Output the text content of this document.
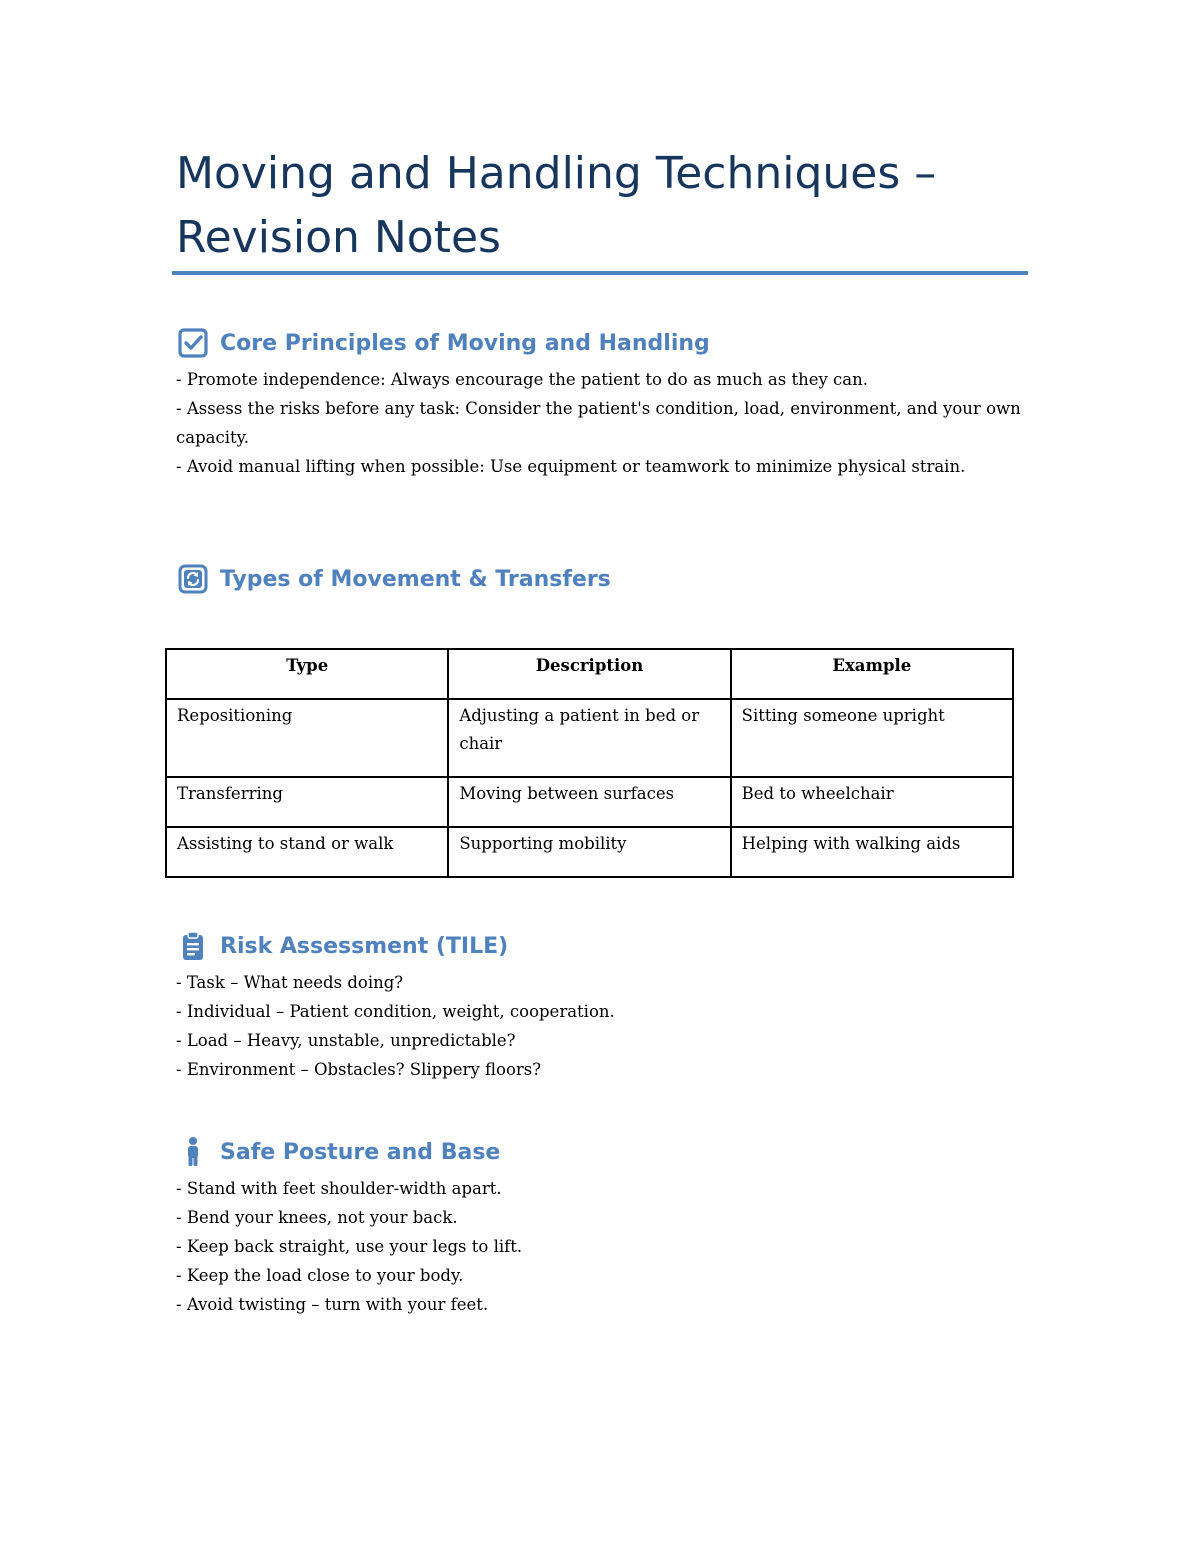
Moving and Handling Techniques – Revision Notes
Core Principles of Moving and Handling
- Promote independence: Always encourage the patient to do as much as they can.
- Assess the risks before any task: Consider the patient's condition, load, environment, and your own capacity.
- Avoid manual lifting when possible: Use equipment or teamwork to minimize physical strain.
Types of Movement & Transfers
Type	Description	Example
Repositioning	Adjusting a patient in bed or chair	Sitting someone upright
Transferring	Moving between surfaces	Bed to wheelchair
Assisting to stand or walk	Supporting mobility	Helping with walking aids
Risk Assessment (TILE)
- Task – What needs doing?
- Individual – Patient condition, weight, cooperation.
- Load – Heavy, unstable, unpredictable?
- Environment – Obstacles? Slippery floors?
Safe Posture and Base
- Stand with feet shoulder-width apart.
- Bend your knees, not your back.
- Keep back straight, use your legs to lift.
- Keep the load close to your body.
- Avoid twisting – turn with your feet.
